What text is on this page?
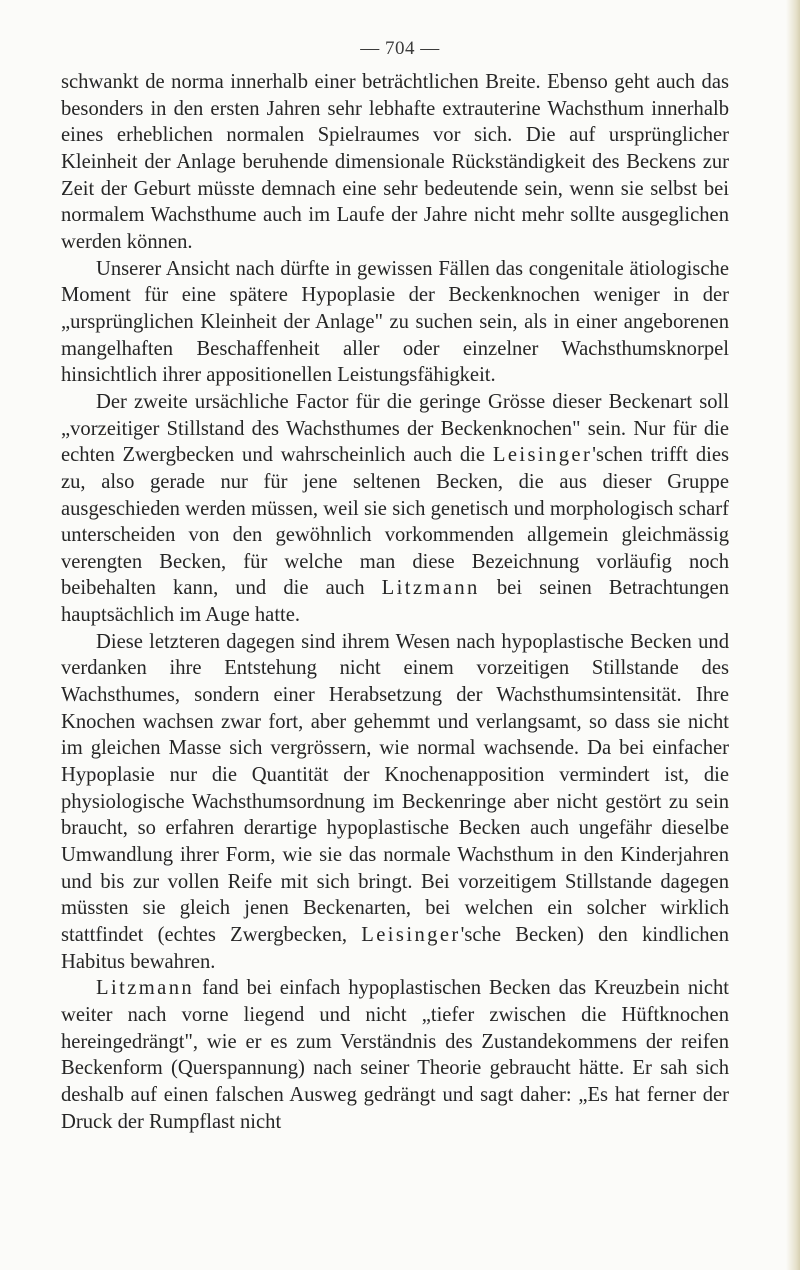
— 704 —

schwankt de norma innerhalb einer beträchtlichen Breite. Ebenso geht auch das besonders in den ersten Jahren sehr lebhafte extrauterine Wachsthum innerhalb eines erheblichen normalen Spielraumes vor sich. Die auf ursprünglicher Kleinheit der Anlage beruhende dimensionale Rückständigkeit des Beckens zur Zeit der Geburt müsste demnach eine sehr bedeutende sein, wenn sie selbst bei normalem Wachsthume auch im Laufe der Jahre nicht mehr sollte ausgeglichen werden können.

Unserer Ansicht nach dürfte in gewissen Fällen das congenitale ätiologische Moment für eine spätere Hypoplasie der Beckenknochen weniger in der „ursprünglichen Kleinheit der Anlage" zu suchen sein, als in einer angeborenen mangelhaften Beschaffenheit aller oder einzelner Wachsthumsknorpel hinsichtlich ihrer appositionellen Leistungsfähigkeit.

Der zweite ursächliche Factor für die geringe Grösse dieser Beckenart soll „vorzeitiger Stillstand des Wachsthumes der Beckenknochen" sein. Nur für die echten Zwergbecken und wahrscheinlich auch die Leisinger'schen trifft dies zu, also gerade nur für jene seltenen Becken, die aus dieser Gruppe ausgeschieden werden müssen, weil sie sich genetisch und morphologisch scharf unterscheiden von den gewöhnlich vorkommenden allgemein gleichmässig verengten Becken, für welche man diese Bezeichnung vorläufig noch beibehalten kann, und die auch Litzmann bei seinen Betrachtungen hauptsächlich im Auge hatte.

Diese letzteren dagegen sind ihrem Wesen nach hypoplastische Becken und verdanken ihre Entstehung nicht einem vorzeitigen Stillstande des Wachsthumes, sondern einer Herabsetzung der Wachsthumsintensität. Ihre Knochen wachsen zwar fort, aber gehemmt und verlangsamt, so dass sie nicht im gleichen Masse sich vergrössern, wie normal wachsende. Da bei einfacher Hypoplasie nur die Quantität der Knochenapposition vermindert ist, die physiologische Wachsthumsordnung im Beckenringe aber nicht gestört zu sein braucht, so erfahren derartige hypoplastische Becken auch ungefähr dieselbe Umwandlung ihrer Form, wie sie das normale Wachsthum in den Kinderjahren und bis zur vollen Reife mit sich bringt. Bei vorzeitigem Stillstande dagegen müssten sie gleich jenen Beckenarten, bei welchen ein solcher wirklich stattfindet (echtes Zwergbecken, Leisinger'sche Becken) den kindlichen Habitus bewahren.

Litzmann fand bei einfach hypoplastischen Becken das Kreuzbein nicht weiter nach vorne liegend und nicht „tiefer zwischen die Hüftknochen hereingedrängt", wie er es zum Verständnis des Zustandekommens der reifen Beckenform (Querspannung) nach seiner Theorie gebraucht hätte. Er sah sich deshalb auf einen falschen Ausweg gedrängt und sagt daher: „Es hat ferner der Druck der Rumpflast nicht
